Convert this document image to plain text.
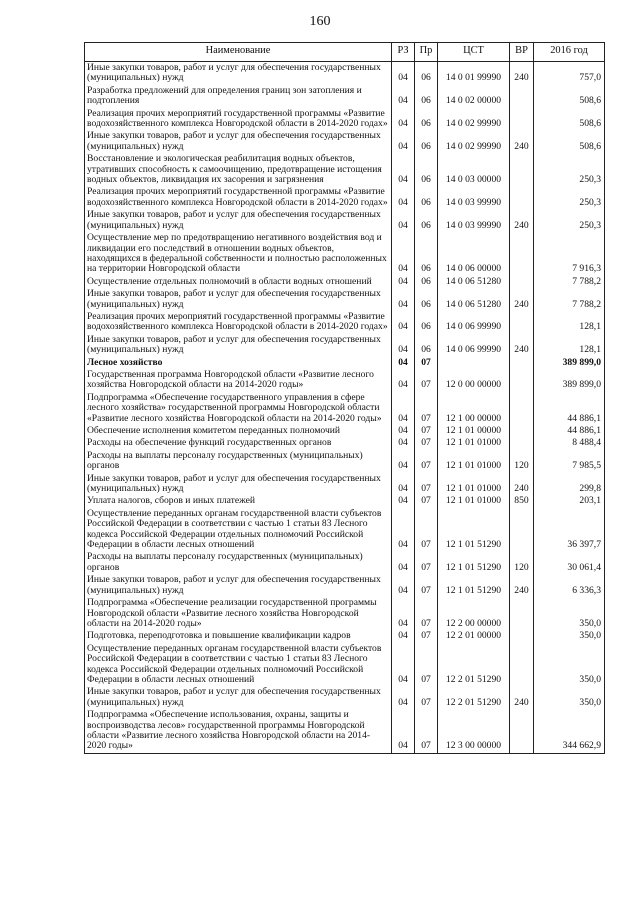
160
Наименование	РЗ	Пр	ЦСТ	ВР	2016 год
Иные закупки товаров, работ и услуг для обеспечения государственных (муниципальных) нужд	04	06	14 0 01 99990	240	757,0
Разработка предложений для определения границ зон затопления и подтопления	04	06	14 0 02 00000		508,6
Реализация прочих мероприятий государственной программы «Развитие водохозяйственного комплекса Новгородской области в 2014-2020 годах»	04	06	14 0 02 99990		508,6
Иные закупки товаров, работ и услуг для обеспечения государственных (муниципальных) нужд	04	06	14 0 02 99990	240	508,6
Восстановление и экологическая реабилитация водных объектов, утративших способность к самоочищению, предотвращение истощения водных объектов, ликвидация их засорения и загрязнения	04	06	14 0 03 00000		250,3
Реализация прочих мероприятий государственной программы «Развитие водохозяйственного комплекса Новгородской области в 2014-2020 годах»	04	06	14 0 03 99990		250,3
Иные закупки товаров, работ и услуг для обеспечения государственных (муниципальных) нужд	04	06	14 0 03 99990	240	250,3
Осуществление мер по предотвращению негативного воздействия вод и ликвидации его последствий в отношении водных объектов, находящихся в федеральной собственности и полностью расположенных на территории Новгородской области	04	06	14 0 06 00000		7 916,3
Осуществление отдельных полномочий в области водных отношений	04	06	14 0 06 51280		7 788,2
Иные закупки товаров, работ и услуг для обеспечения государственных (муниципальных) нужд	04	06	14 0 06 51280	240	7 788,2
Реализация прочих мероприятий государственной программы «Развитие водохозяйственного комплекса Новгородской области в 2014-2020 годах»	04	06	14 0 06 99990		128,1
Иные закупки товаров, работ и услуг для обеспечения государственных (муниципальных) нужд	04	06	14 0 06 99990	240	128,1
Лесное хозяйство	04	07			389 899,0
Государственная программа Новгородской области «Развитие лесного хозяйства Новгородской области на 2014-2020 годы»	04	07	12 0 00 00000		389 899,0
Подпрограмма «Обеспечение государственного управления в сфере лесного хозяйства» государственной программы Новгородской области «Развитие лесного хозяйства Новгородской области на 2014-2020 годы»	04	07	12 1 00 00000		44 886,1
Обеспечение исполнения комитетом переданных полномочий	04	07	12 1 01 00000		44 886,1
Расходы на обеспечение функций государственных органов	04	07	12 1 01 01000		8 488,4
Расходы на выплаты персоналу государственных (муниципальных) органов	04	07	12 1 01 01000	120	7 985,5
Иные закупки товаров, работ и услуг для обеспечения государственных (муниципальных) нужд	04	07	12 1 01 01000	240	299,8
Уплата налогов, сборов и иных платежей	04	07	12 1 01 01000	850	203,1
Осуществление переданных органам государственной власти субъектов Российской Федерации в соответствии с частью 1 статьи 83 Лесного кодекса Российской Федерации отдельных полномочий Российской Федерации в области лесных отношений	04	07	12 1 01 51290		36 397,7
Расходы на выплаты персоналу государственных (муниципальных) органов	04	07	12 1 01 51290	120	30 061,4
Иные закупки товаров, работ и услуг для обеспечения государственных (муниципальных) нужд	04	07	12 1 01 51290	240	6 336,3
Подпрограмма «Обеспечение реализации государственной программы Новгородской области «Развитие лесного хозяйства Новгородской области на 2014-2020 годы»	04	07	12 2 00 00000		350,0
Подготовка, переподготовка и повышение квалификации кадров	04	07	12 2 01 00000		350,0
Осуществление переданных органам государственной власти субъектов Российской Федерации в соответствии с частью 1 статьи 83 Лесного кодекса Российской Федерации отдельных полномочий Российской Федерации в области лесных отношений	04	07	12 2 01 51290		350,0
Иные закупки товаров, работ и услуг для обеспечения государственных (муниципальных) нужд	04	07	12 2 01 51290	240	350,0
Подпрограмма «Обеспечение использования, охраны, защиты и воспроизводства лесов» государственной программы Новгородской области «Развитие лесного хозяйства Новгородской области на 2014-2020 годы»	04	07	12 3 00 00000		344 662,9
